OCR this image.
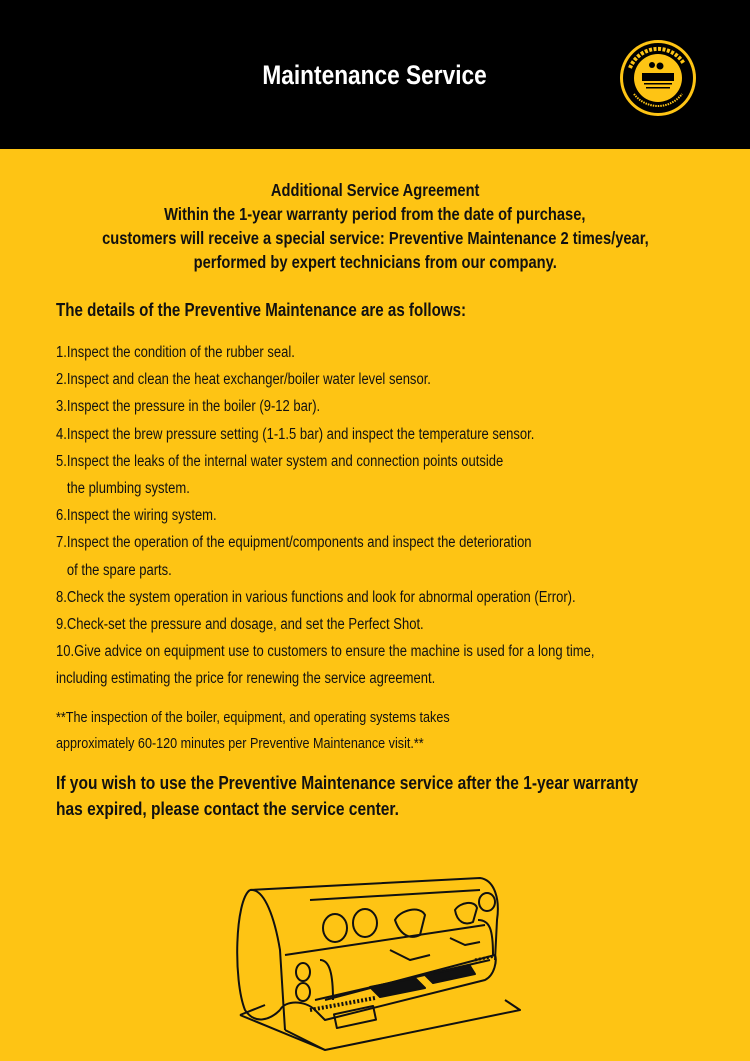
Maintenance Service
Additional Service Agreement
Within the 1-year warranty period from the date of purchase,
customers will receive a special service: Preventive Maintenance 2 times/year,
performed by expert technicians from our company.
The details of the Preventive Maintenance are as follows:
1.Inspect the condition of the rubber seal.
2.Inspect and clean the heat exchanger/boiler water level sensor.
3.Inspect the pressure in the boiler (9-12 bar).
4.Inspect the brew pressure setting (1-1.5 bar) and inspect the temperature sensor.
5.Inspect the leaks of the internal water system and connection points outside
the plumbing system.
6.Inspect the wiring system.
7.Inspect the operation of the equipment/components and inspect the deterioration
of the spare parts.
8.Check the system operation in various functions and look for abnormal operation (Error).
9.Check-set the pressure and dosage, and set the Perfect Shot.
10.Give advice on equipment use to customers to ensure the machine is used for a long time,
including estimating the price for renewing the service agreement.
**The inspection of the boiler, equipment, and operating systems takes
approximately 60-120 minutes per Preventive Maintenance visit.**
If you wish to use the Preventive Maintenance service after the 1-year warranty
has expired, please contact the service center.
